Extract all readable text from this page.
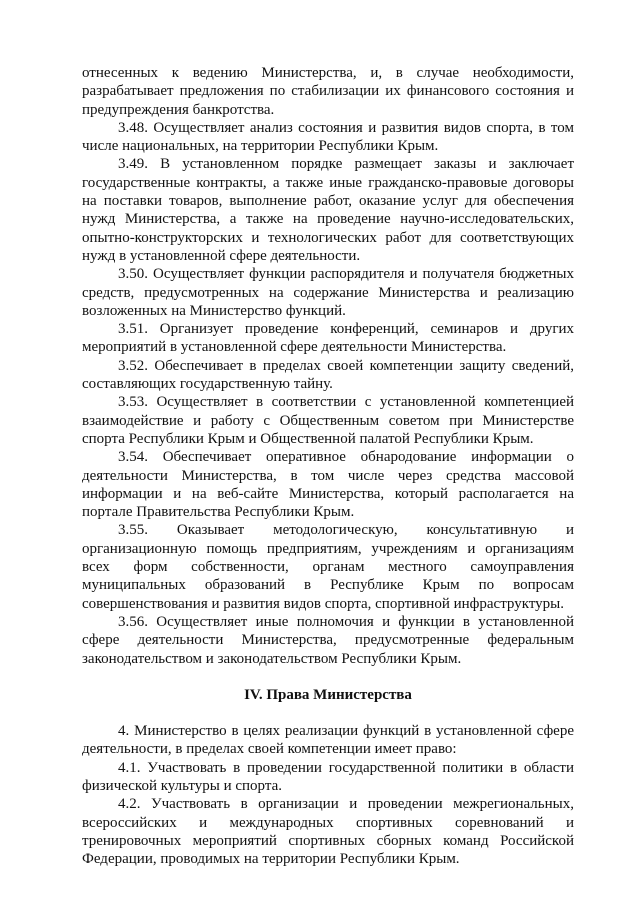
отнесенных к ведению Министерства, и, в случае необходимости, разрабатывает предложения по стабилизации их финансового состояния и предупреждения банкротства.

3.48. Осуществляет анализ состояния и развития видов спорта, в том числе национальных, на территории Республики Крым.

3.49. В установленном порядке размещает заказы и заключает государственные контракты, а также иные гражданско-правовые договоры на поставки товаров, выполнение работ, оказание услуг для обеспечения нужд Министерства, а также на проведение научно-исследовательских, опытно-конструкторских и технологических работ для соответствующих нужд в установленной сфере деятельности.

3.50. Осуществляет функции распорядителя и получателя бюджетных средств, предусмотренных на содержание Министерства и реализацию возложенных на Министерство функций.

3.51. Организует проведение конференций, семинаров и других мероприятий в установленной сфере деятельности Министерства.

3.52. Обеспечивает в пределах своей компетенции защиту сведений, составляющих государственную тайну.

3.53. Осуществляет в соответствии с установленной компетенцией взаимодействие и работу с Общественным советом при Министерстве спорта Республики Крым и Общественной палатой Республики Крым.

3.54. Обеспечивает оперативное обнародование информации о деятельности Министерства, в том числе через средства массовой информации и на веб-сайте Министерства, который располагается на портале Правительства Республики Крым.

3.55. Оказывает методологическую, консультативную и организационную помощь предприятиям, учреждениям и организациям всех форм собственности, органам местного самоуправления муниципальных образований в Республике Крым по вопросам совершенствования и развития видов спорта, спортивной инфраструктуры.

3.56. Осуществляет иные полномочия и функции в установленной сфере деятельности Министерства, предусмотренные федеральным законодательством и законодательством Республики Крым.

IV. Права Министерства

4. Министерство в целях реализации функций в установленной сфере деятельности, в пределах своей компетенции имеет право:

4.1. Участвовать в проведении государственной политики в области физической культуры и спорта.

4.2. Участвовать в организации и проведении межрегиональных, всероссийских и международных спортивных соревнований и тренировочных мероприятий спортивных сборных команд Российской Федерации, проводимых на территории Республики Крым.
